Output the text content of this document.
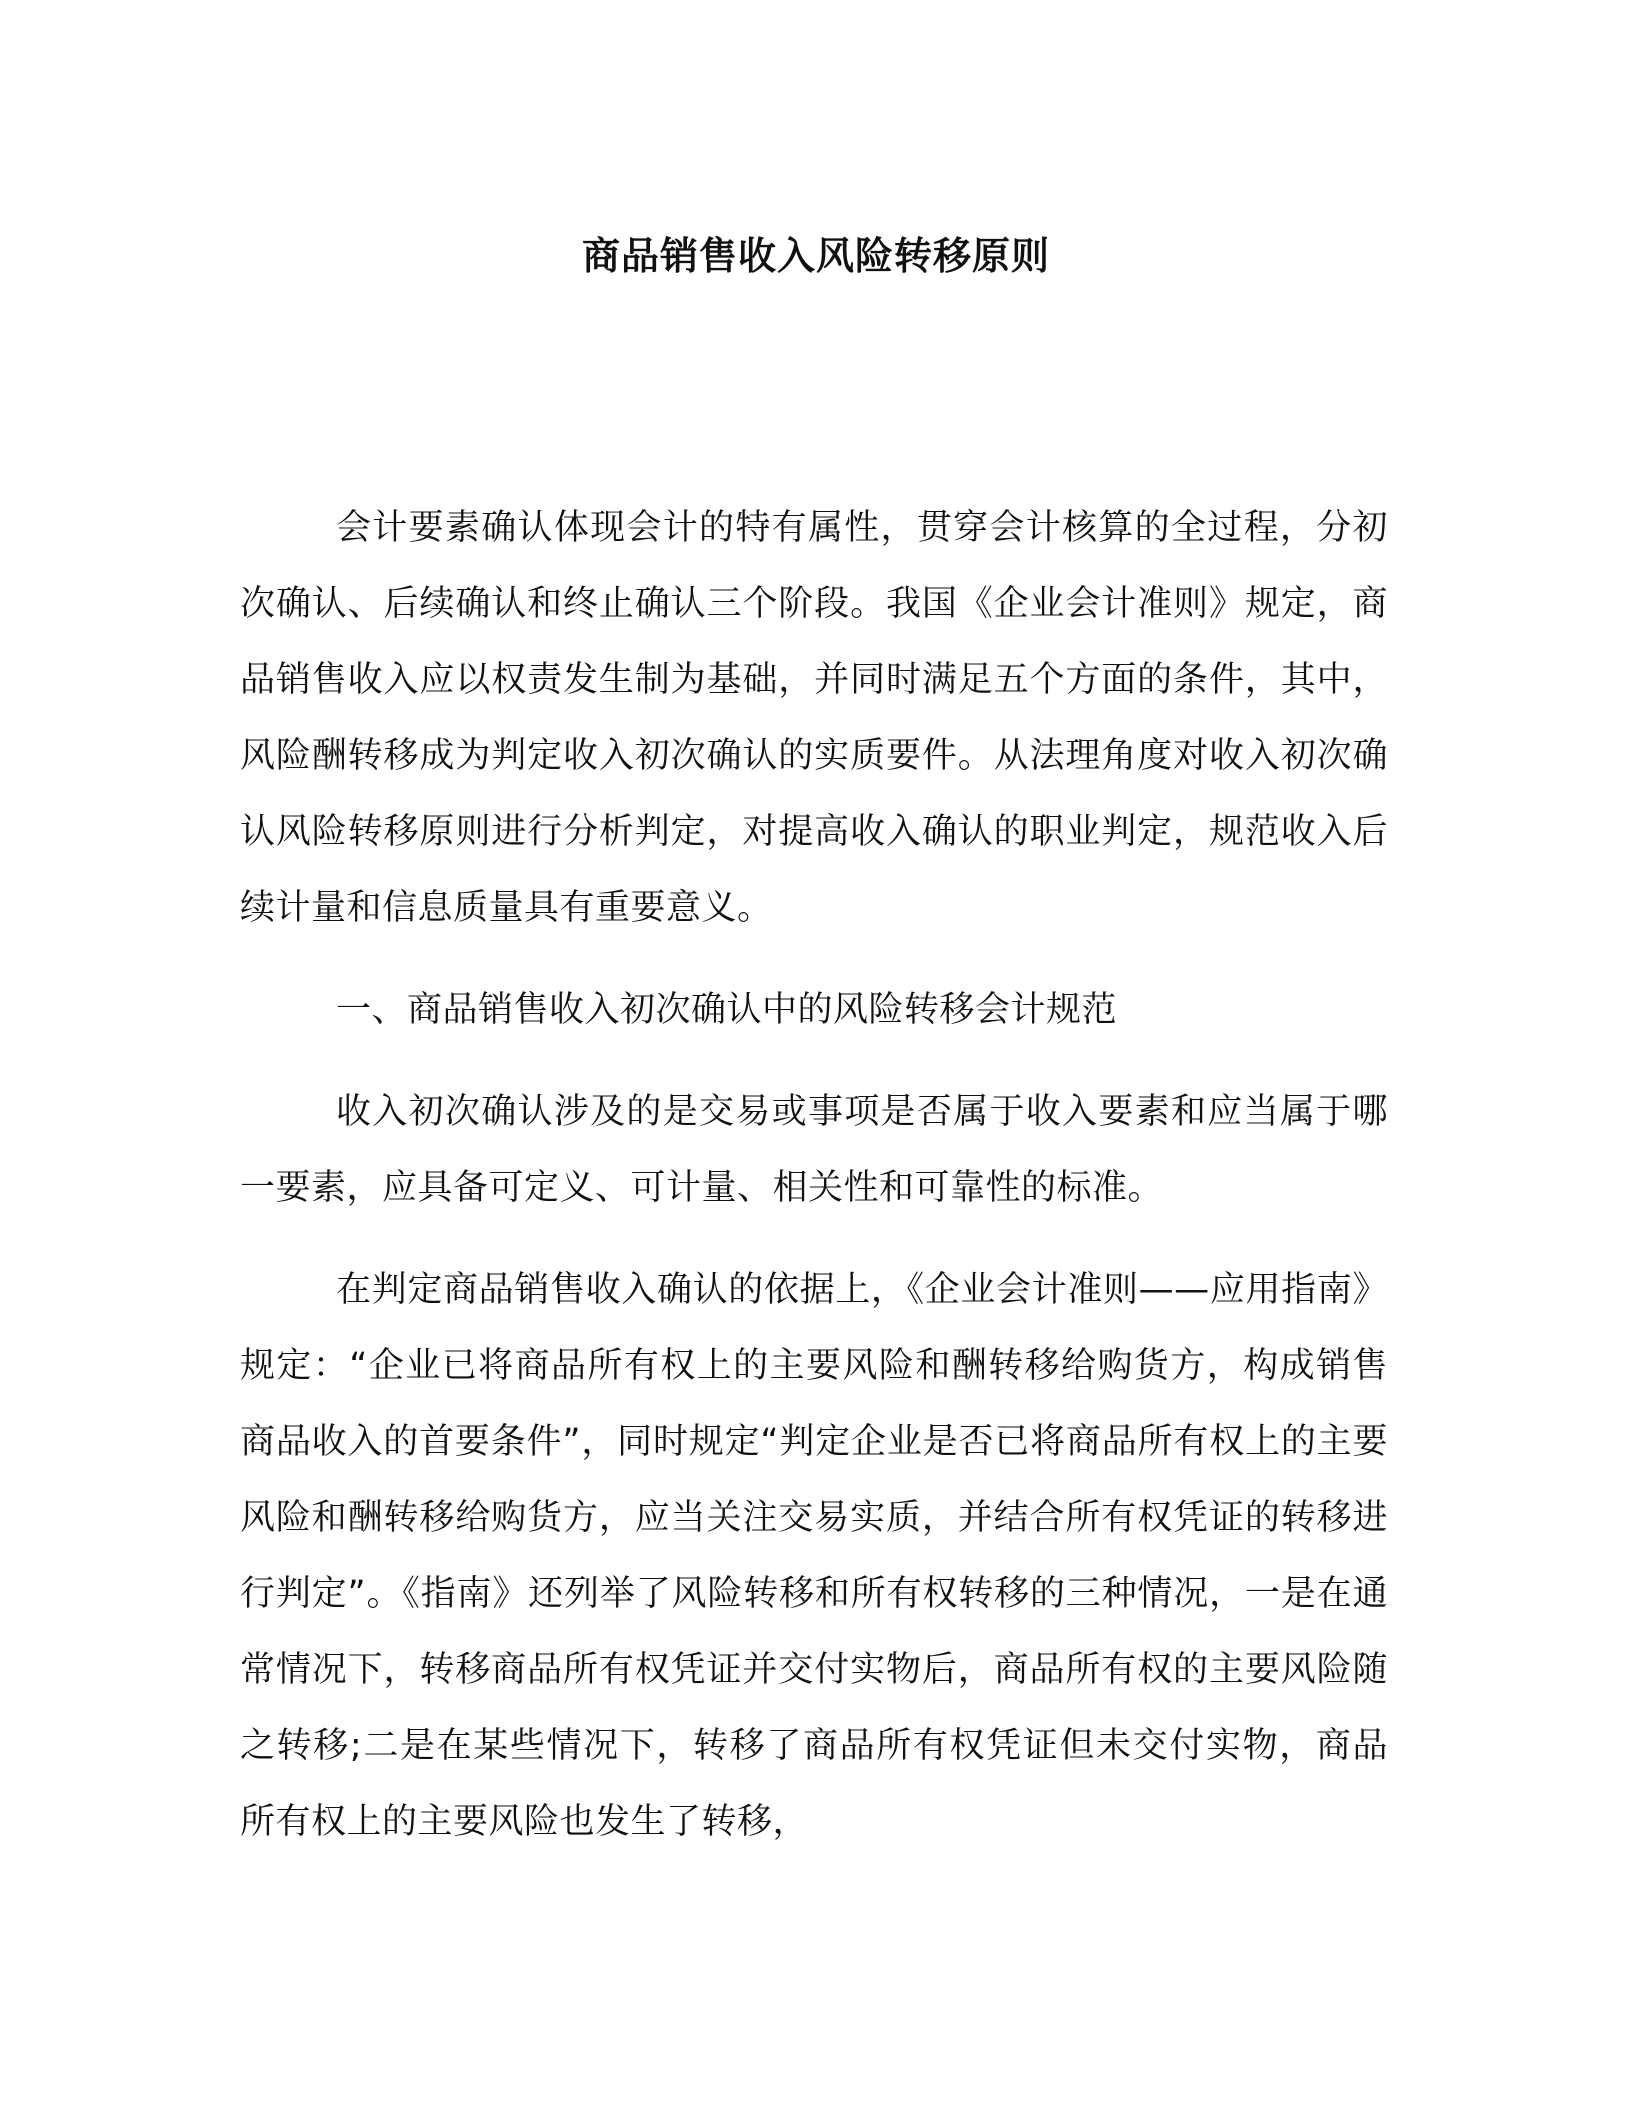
商品销售收入风险转移原则

会计要素确认体现会计的特有属性，贯穿会计核算的全过程，分初次确认、后续确认和终止确认三个阶段。我国《企业会计准则》规定，商品销售收入应以权责发生制为基础，并同时满足五个方面的条件，其中，风险酬转移成为判定收入初次确认的实质要件。从法理角度对收入初次确认风险转移原则进行分析判定，对提高收入确认的职业判定，规范收入后续计量和信息质量具有重要意义。

一、商品销售收入初次确认中的风险转移会计规范

收入初次确认涉及的是交易或事项是否属于收入要素和应当属于哪一要素，应具备可定义、可计量、相关性和可靠性的标准。

在判定商品销售收入确认的依据上，《企业会计准则——应用指南》规定：“企业已将商品所有权上的主要风险和酬转移给购货方，构成销售商品收入的首要条件”，同时规定“判定企业是否已将商品所有权上的主要风险和酬转移给购货方，应当关注交易实质，并结合所有权凭证的转移进行判定”。《指南》还列举了风险转移和所有权转移的三种情况，一是在通常情况下，转移商品所有权凭证并交付实物后，商品所有权的主要风险随之转移;二是在某些情况下，转移了商品所有权凭证但未交付实物，商品所有权上的主要风险也发生了转移，
